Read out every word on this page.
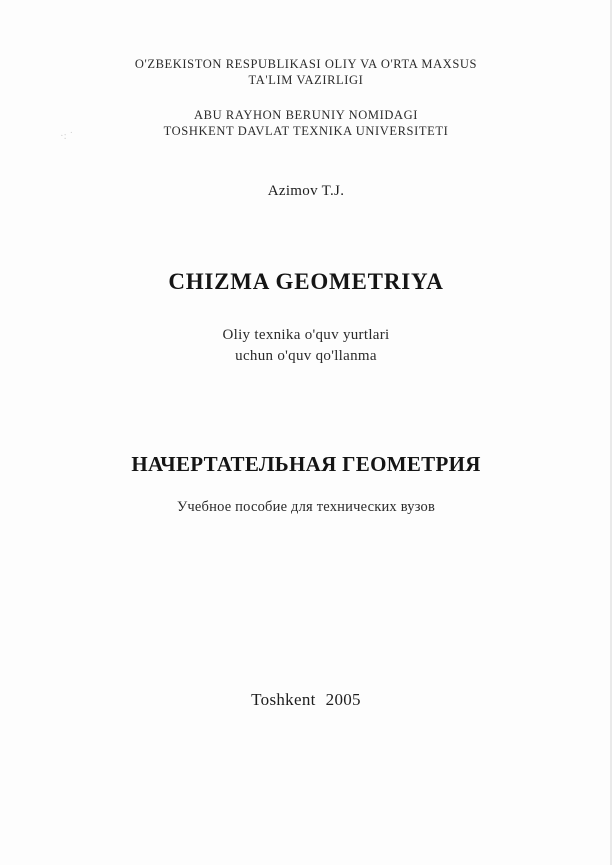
O'ZBEKISTON RESPUBLIKASI OLIY VA O'RTA MAXSUS
TA'LIM VAZIRLIGI
ABU RAYHON BERUNIY NOMIDAGI
TOSHKENT DAVLAT TEXNIKA UNIVERSITETI
·: ˙
Azimov T.J.
CHIZMA GEOMETRIYA
Oliy texnika o'quv yurtlari
uchun o'quv qo'llanma
НАЧЕРТАТЕЛЬНАЯ ГЕОМЕТРИЯ
Учебное пособие для технических вузов
Toshkent 2005
